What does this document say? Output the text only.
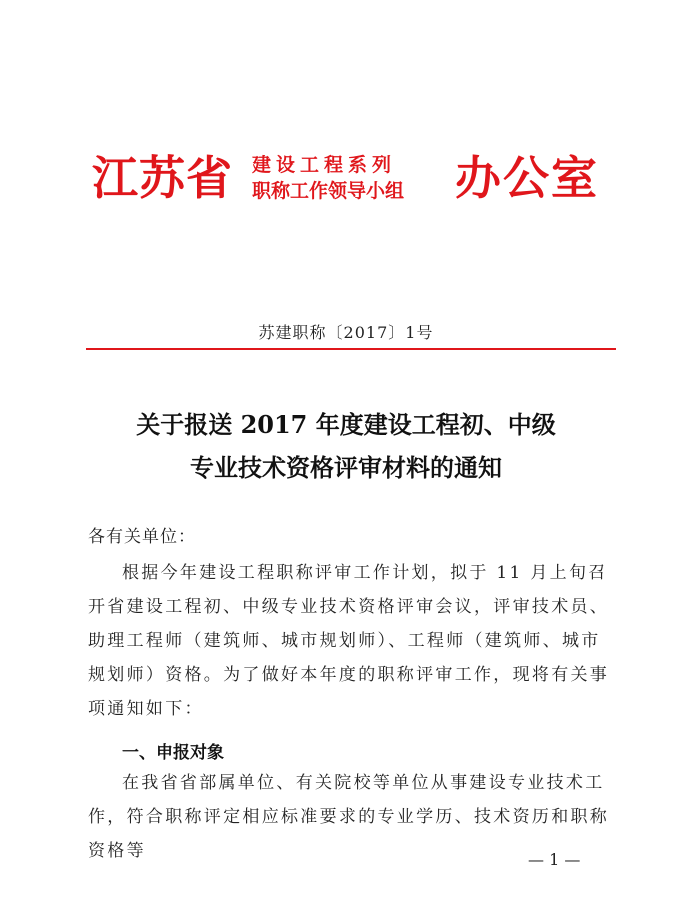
江苏省 建设工程系列
职称工作领导小组	办公室
苏建职称〔2017〕1号
关于报送 2017 年度建设工程初、中级
专业技术资格评审材料的通知
各有关单位：
根据今年建设工程职称评审工作计划，拟于 11 月上旬召开省建设工程初、中级专业技术资格评审会议，评审技术员、助理工程师（建筑师、城市规划师）、工程师（建筑师、城市规划师）资格。为了做好本年度的职称评审工作，现将有关事项通知如下：
一、申报对象
在我省省部属单位、有关院校等单位从事建设专业技术工作，符合职称评定相应标准要求的专业学历、技术资历和职称资格等	— 1 —
